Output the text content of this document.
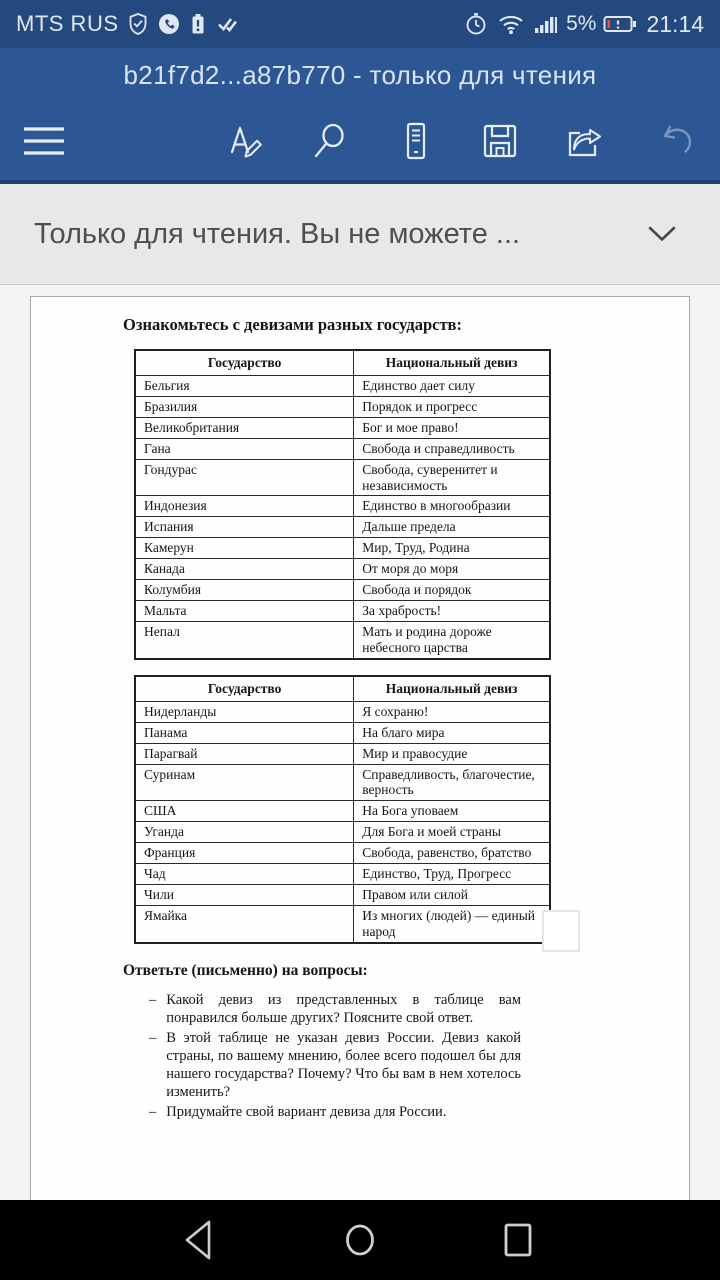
MTS RUS	5% 21:14
b21f7d2...a87b770 - только для чтения
Только для чтения. Вы не можете ...

Ознакомьтесь с девизами разных государств:

Государство	Национальный девиз
Бельгия	Единство дает силу
Бразилия	Порядок и прогресс
Великобритания	Бог и мое право!
Гана	Свобода и справедливость
Гондурас	Свобода, суверенитет и независимость
Индонезия	Единство в многообразии
Испания	Дальше предела
Камерун	Мир, Труд, Родина
Канада	От моря до моря
Колумбия	Свобода и порядок
Мальта	За храбрость!
Непал	Мать и родина дороже небесного царства
Государство	Национальный девиз
Нидерланды	Я сохраню!
Панама	На благо мира
Парагвай	Мир и правосудие
Суринам	Справедливость, благочестие, верность
США	На Бога уповаем
Уганда	Для Бога и моей страны
Франция	Свобода, равенство, братство
Чад	Единство, Труд, Прогресс
Чили	Правом или силой
Ямайка	Из многих (людей) — единый народ

Ответьте (письменно) на вопросы:

– Какой девиз из представленных в таблице вам понравился больше других? Поясните свой ответ.
– В этой таблице не указан девиз России. Девиз какой страны, по вашему мнению, более всего подошел бы для нашего государства? Почему? Что бы вам в нем хотелось изменить?
– Придумайте свой вариант девиза для России.
